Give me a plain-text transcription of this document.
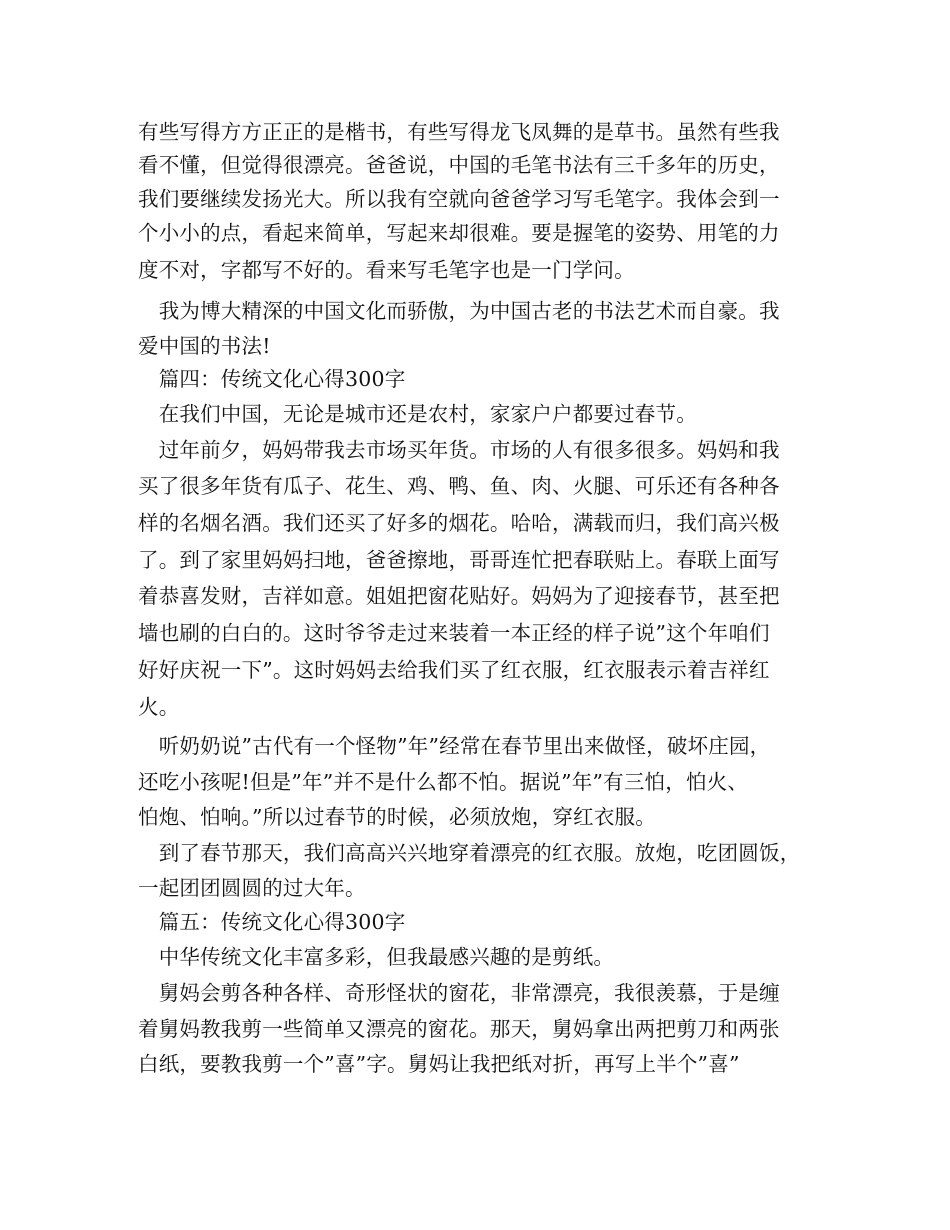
有些写得方方正正的是楷书，有些写得龙飞凤舞的是草书。虽然有些我
看不懂，但觉得很漂亮。爸爸说，中国的毛笔书法有三千多年的历史，
我们要继续发扬光大。所以我有空就向爸爸学习写毛笔字。我体会到一
个小小的点，看起来简单，写起来却很难。要是握笔的姿势、用笔的力
度不对，字都写不好的。看来写毛笔字也是一门学问。
　我为博大精深的中国文化而骄傲，为中国古老的书法艺术而自豪。我
爱中国的书法!
　篇四：传统文化心得300字
　在我们中国，无论是城市还是农村，家家户户都要过春节。
　过年前夕，妈妈带我去市场买年货。市场的人有很多很多。妈妈和我
买了很多年货有瓜子、花生、鸡、鸭、鱼、肉、火腿、可乐还有各种各
样的名烟名酒。我们还买了好多的烟花。哈哈，满载而归，我们高兴极
了。到了家里妈妈扫地，爸爸擦地，哥哥连忙把春联贴上。春联上面写
着恭喜发财，吉祥如意。姐姐把窗花贴好。妈妈为了迎接春节，甚至把
墙也刷的白白的。这时爷爷走过来装着一本正经的样子说”这个年咱们
好好庆祝一下”。这时妈妈去给我们买了红衣服，红衣服表示着吉祥红
火。
　听奶奶说”古代有一个怪物”年”经常在春节里出来做怪，破坏庄园，
还吃小孩呢!但是”年”并不是什么都不怕。据说”年”有三怕，怕火、
怕炮、怕响。”所以过春节的时候，必须放炮，穿红衣服。
　到了春节那天，我们高高兴兴地穿着漂亮的红衣服。放炮，吃团圆饭，
一起团团圆圆的过大年。
　篇五：传统文化心得300字
　中华传统文化丰富多彩，但我最感兴趣的是剪纸。
　舅妈会剪各种各样、奇形怪状的窗花，非常漂亮，我很羡慕，于是缠
着舅妈教我剪一些简单又漂亮的窗花。那天，舅妈拿出两把剪刀和两张
白纸，要教我剪一个”喜”字。舅妈让我把纸对折，再写上半个”喜”
